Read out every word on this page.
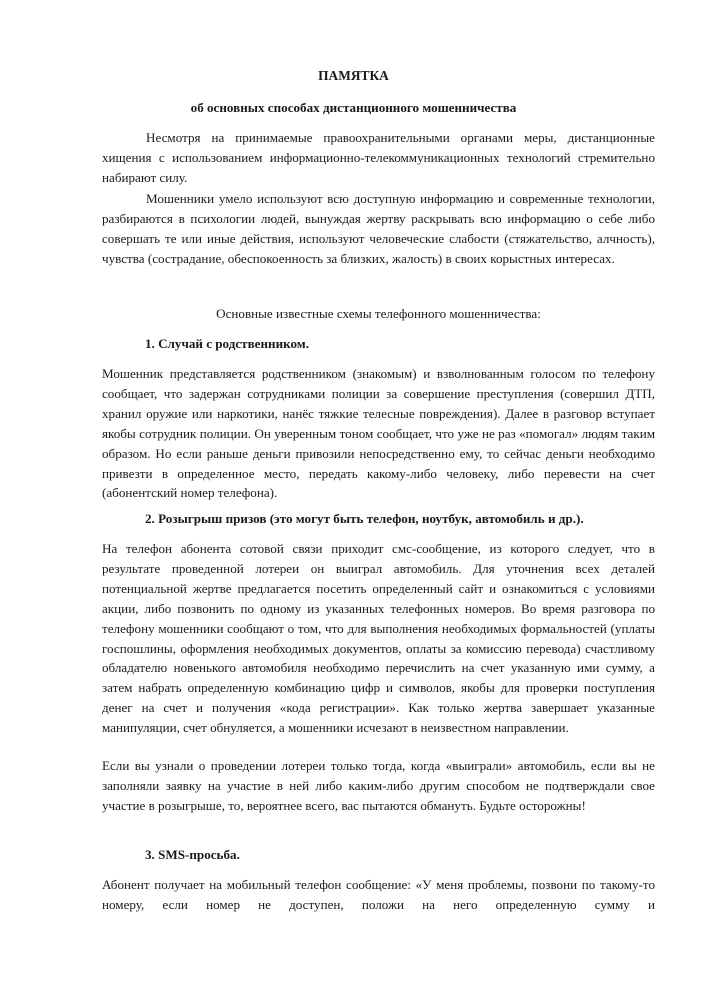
ПАМЯТКА
об основных способах дистанционного мошенничества

Несмотря на принимаемые правоохранительными органами меры, дистанционные хищения с использованием информационно-телекоммуникационных технологий стремительно набирают силу.

Мошенники умело используют всю доступную информацию и современные технологии, разбираются в психологии людей, вынуждая жертву раскрывать всю информацию о себе либо совершать те или иные действия, используют человеческие слабости (стяжательство, алчность), чувства (сострадание, обеспокоенность за близких, жалость) в своих корыстных интересах.

Основные известные схемы телефонного мошенничества:

1. Случай с родственником.

Мошенник представляется родственником (знакомым) и взволнованным голосом по телефону сообщает, что задержан сотрудниками полиции за совершение преступления (совершил ДТП, хранил оружие или наркотики, нанёс тяжкие телесные повреждения). Далее в разговор вступает якобы сотрудник полиции. Он уверенным тоном сообщает, что уже не раз «помогал» людям таким образом. Но если раньше деньги привозили непосредственно ему, то сейчас деньги необходимо привезти в определенное место, передать какому-либо человеку, либо перевести на счет (абонентский номер телефона).

2. Розыгрыш призов (это могут быть телефон, ноутбук, автомобиль и др.).

На телефон абонента сотовой связи приходит смс-сообщение, из которого следует, что в результате проведенной лотереи он выиграл автомобиль. Для уточнения всех деталей потенциальной жертве предлагается посетить определенный сайт и ознакомиться с условиями акции, либо позвонить по одному из указанных телефонных номеров. Во время разговора по телефону мошенники сообщают о том, что для выполнения необходимых формальностей (уплаты госпошлины, оформления необходимых документов, оплаты за комиссию перевода) счастливому обладателю новенького автомобиля необходимо перечислить на счет указанную ими сумму, а затем набрать определенную комбинацию цифр и символов, якобы для проверки поступления денег на счет и получения «кода регистрации». Как только жертва завершает указанные манипуляции, счет обнуляется, а мошенники исчезают в неизвестном направлении.

Если вы узнали о проведении лотереи только тогда, когда «выиграли» автомобиль, если вы не заполняли заявку на участие в ней либо каким-либо другим способом не подтверждали свое участие в розыгрыше, то, вероятнее всего, вас пытаются обмануть. Будьте осторожны!

3. SMS-просьба.

Абонент получает на мобильный телефон сообщение: «У меня проблемы, позвони по такому-то номеру, если номер не доступен, положи на него определенную сумму и
